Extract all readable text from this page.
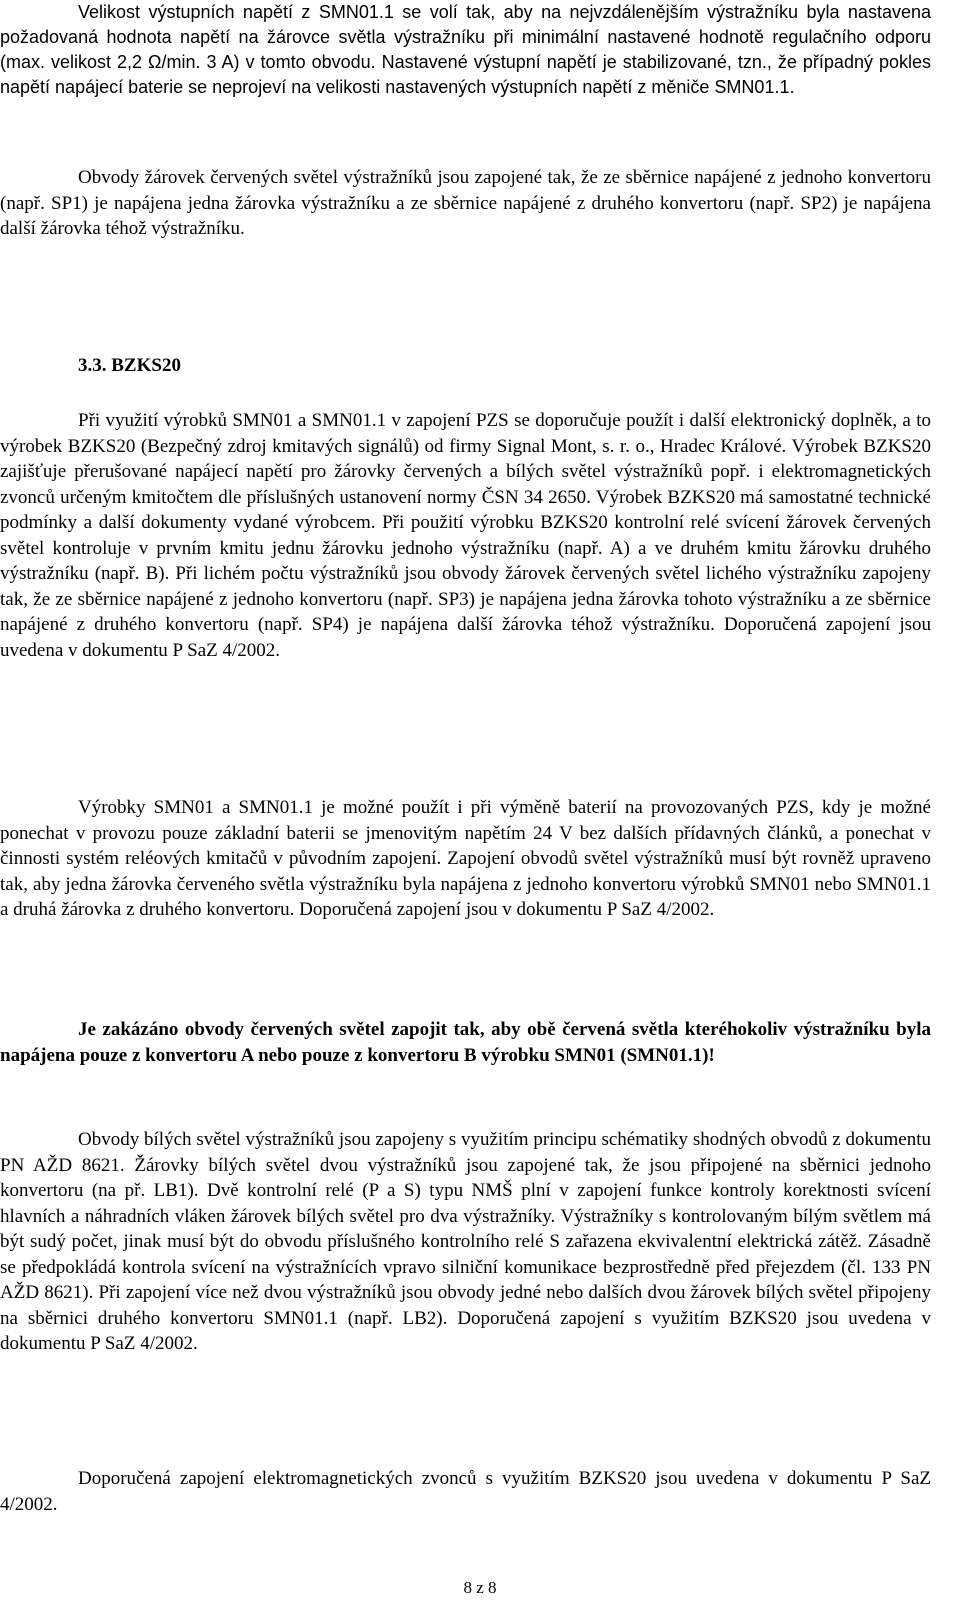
Velikost výstupních napětí z SMN01.1 se volí tak, aby na nejvzdálenějším výstražníku byla nastavena požadovaná hodnota napětí na žárovce světla výstražníku při minimální nastavené hodnotě regulačního odporu (max. velikost 2,2 Ω/min. 3 A) v tomto obvodu. Nastavené výstupní napětí je stabilizované, tzn., že případný pokles napětí napájecí baterie se neprojeví na velikosti nastavených výstupních napětí z měniče SMN01.1.

Obvody žárovek červených světel výstražníků jsou zapojené tak, že ze sběrnice napájené z jednoho konvertoru (např. SP1) je napájena jedna žárovka výstražníku a ze sběrnice napájené z druhého konvertoru (např. SP2) je napájena další žárovka téhož výstražníku.

3.3. BZKS20

Při využití výrobků SMN01 a SMN01.1 v zapojení PZS se doporučuje použít i další elektronický doplněk, a to výrobek BZKS20 (Bezpečný zdroj kmitavých signálů) od firmy Signal Mont, s. r. o., Hradec Králové. Výrobek BZKS20 zajišťuje přerušované napájecí napětí pro žárovky červených a bílých světel výstražníků popř. i elektromagnetických zvonců určeným kmitočtem dle příslušných ustanovení normy ČSN 34 2650. Výrobek BZKS20 má samostatné technické podmínky a další dokumenty vydané výrobcem. Při použití výrobku BZKS20 kontrolní relé svícení žárovek červených světel kontroluje v prvním kmitu jednu žárovku jednoho výstražníku (např. A) a ve druhém kmitu žárovku druhého výstražníku (např. B). Při lichém počtu výstražníků jsou obvody žárovek červených světel lichého výstražníku zapojeny tak, že ze sběrnice napájené z jednoho konvertoru (např. SP3) je napájena jedna žárovka tohoto výstražníku a ze sběrnice napájené z druhého konvertoru (např. SP4) je napájena další žárovka téhož výstražníku. Doporučená zapojení jsou uvedena v dokumentu P SaZ 4/2002.

Výrobky SMN01 a SMN01.1 je možné použít i při výměně baterií na provozovaných PZS, kdy je možné ponechat v provozu pouze základní baterii se jmenovitým napětím 24 V bez dalších přídavných článků, a ponechat v činnosti systém reléových kmitačů v původním zapojení. Zapojení obvodů světel výstražníků musí být rovněž upraveno tak, aby jedna žárovka červeného světla výstražníku byla napájena z jednoho konvertoru výrobků SMN01 nebo SMN01.1 a druhá žárovka z druhého konvertoru. Doporučená zapojení jsou v dokumentu P SaZ 4/2002.

Je zakázáno obvody červených světel zapojit tak, aby obě červená světla kteréhokoliv výstražníku byla napájena pouze z konvertoru A nebo pouze z konvertoru B výrobku SMN01 (SMN01.1)!

Obvody bílých světel výstražníků jsou zapojeny s využitím principu schématiky shodných obvodů z dokumentu PN AŽD 8621. Žárovky bílých světel dvou výstražníků jsou zapojené tak, že jsou připojené na sběrnici jednoho konvertoru (na př. LB1). Dvě kontrolní relé (P a S) typu NMŠ plní v zapojení funkce kontroly korektnosti svícení hlavních a náhradních vláken žárovek bílých světel pro dva výstražníky. Výstražníky s kontrolovaným bílým světlem má být sudý počet, jinak musí být do obvodu příslušného kontrolního relé S zařazena ekvivalentní elektrická zátěž. Zásadně se předpokládá kontrola svícení na výstražnících vpravo silniční komunikace bezprostředně před přejezdem (čl. 133 PN AŽD 8621). Při zapojení více než dvou výstražníků jsou obvody jedné nebo dalších dvou žárovek bílých světel připojeny na sběrnici druhého konvertoru SMN01.1 (např. LB2). Doporučená zapojení s využitím BZKS20 jsou uvedena v dokumentu P SaZ 4/2002.

Doporučená zapojení elektromagnetických zvonců s využitím BZKS20 jsou uvedena v dokumentu P SaZ 4/2002.

8 z 8
